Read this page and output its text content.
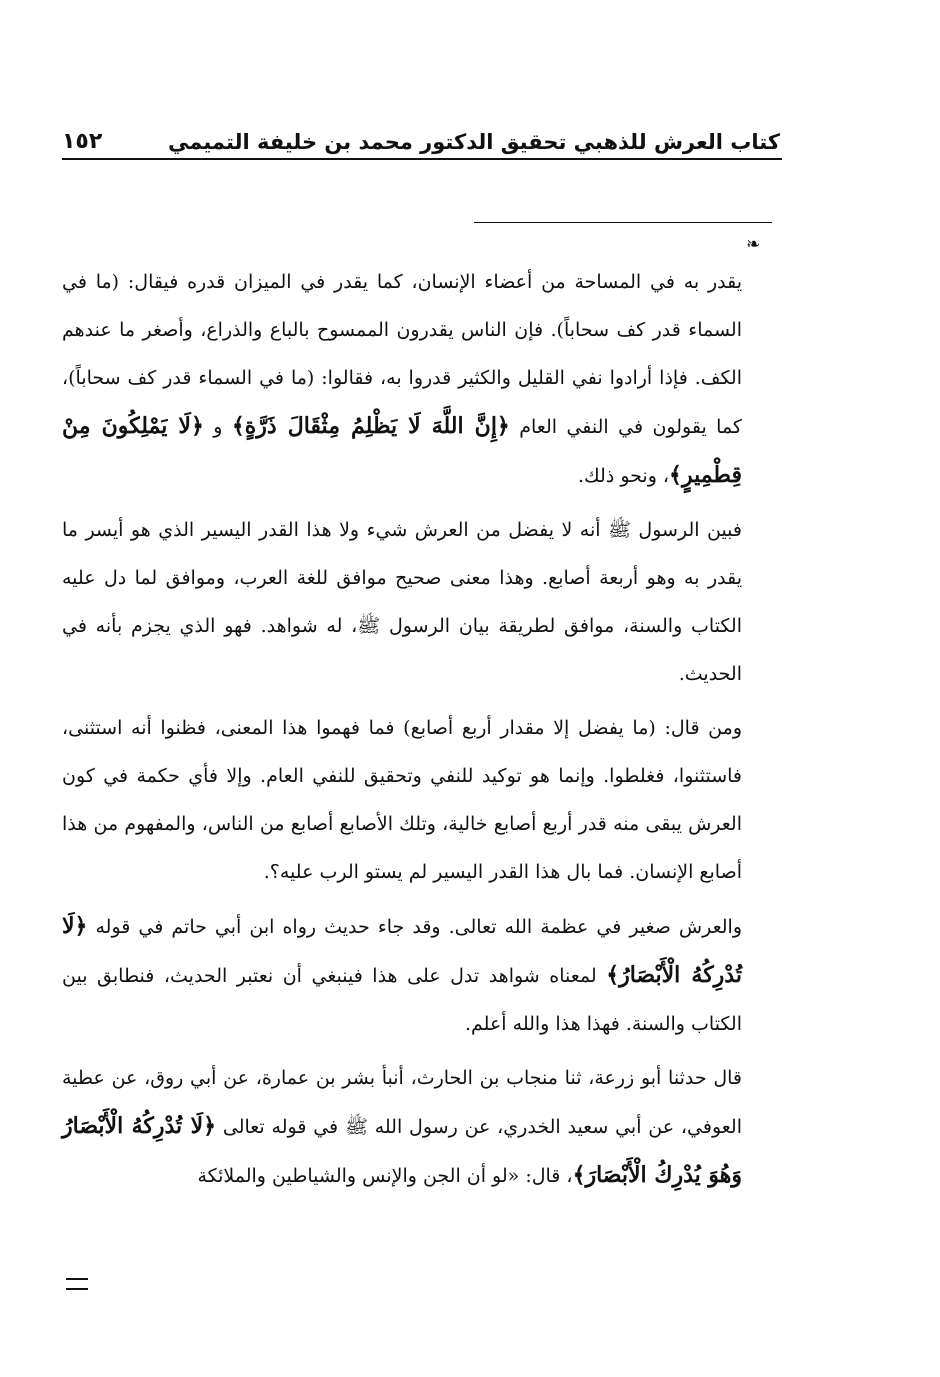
كتاب العرش للذهبي تحقيق الدكتور محمد بن خليفة التميمي
١٥٢
☙

يقدر به في المساحة من أعضاء الإنسان، كما يقدر في الميزان قدره فيقال: (ما في السماء قدر كف سحاباً). فإن الناس يقدرون الممسوح بالباع والذراع، وأصغر ما عندهم الكف. فإذا أرادوا نفي القليل والكثير قدروا به، فقالوا: (ما في السماء قدر كف سحاباً)، كما يقولون في النفي العام ﴿إِنَّ اللَّهَ لَا يَظْلِمُ مِثْقَالَ ذَرَّةٍ﴾ و ﴿لَا يَمْلِكُونَ مِنْ قِطْمِيرٍ﴾، ونحو ذلك.

فبين الرسول ﷺ أنه لا يفضل من العرش شيء ولا هذا القدر اليسير الذي هو أيسر ما يقدر به وهو أربعة أصابع. وهذا معنى صحيح موافق للغة العرب، وموافق لما دل عليه الكتاب والسنة، موافق لطريقة بيان الرسول ﷺ، له شواهد. فهو الذي يجزم بأنه في الحديث.

ومن قال: (ما يفضل إلا مقدار أربع أصابع) فما فهموا هذا المعنى، فظنوا أنه استثنى، فاستثنوا، فغلطوا. وإنما هو توكيد للنفي وتحقيق للنفي العام. وإلا فأي حكمة في كون العرش يبقى منه قدر أربع أصابع خالية، وتلك الأصابع أصابع من الناس، والمفهوم من هذا أصابع الإنسان. فما بال هذا القدر اليسير لم يستو الرب عليه؟.

والعرش صغير في عظمة الله تعالى. وقد جاء حديث رواه ابن أبي حاتم في قوله ﴿لَا تُدْرِكُهُ الْأَبْصَارُ﴾ لمعناه شواهد تدل على هذا فينبغي أن نعتبر الحديث، فنطابق بين الكتاب والسنة. فهذا هذا والله أعلم.

قال حدثنا أبو زرعة، ثنا منجاب بن الحارث، أنبأ بشر بن عمارة، عن أبي روق، عن عطية العوفي، عن أبي سعيد الخدري، عن رسول الله ﷺ في قوله تعالى ﴿لَا تُدْرِكُهُ الْأَبْصَارُ وَهُوَ يُدْرِكُ الْأَبْصَارَ﴾، قال: «لو أن الجن والإنس والشياطين والملائكة
